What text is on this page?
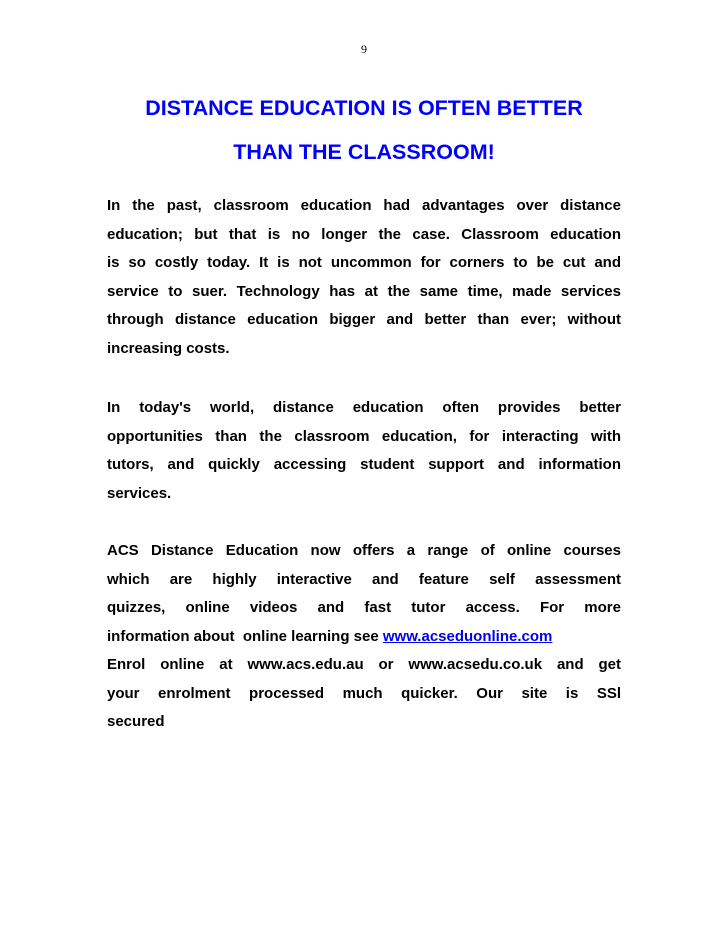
9
DISTANCE EDUCATION IS OFTEN BETTER
THAN THE CLASSROOM!

In the past, classroom education had advantages over distance
education; but that is no longer the case. Classroom education
is so costly today. It is not uncommon for corners to be cut and
service to suer. Technology has at the same time, made services
through distance education bigger and better than ever; without
increasing costs.

In today's world, distance education often provides better
opportunities than the classroom education, for interacting with
tutors, and quickly accessing student support and information
services.

ACS Distance Education now offers a range of online courses
which are highly interactive and feature self assessment
quizzes, online videos and fast tutor access. For more
information about  online learning see www.acseduonline.com
Enrol online at www.acs.edu.au or www.acsedu.co.uk and get
your enrolment processed much quicker. Our site is SSl
secured
